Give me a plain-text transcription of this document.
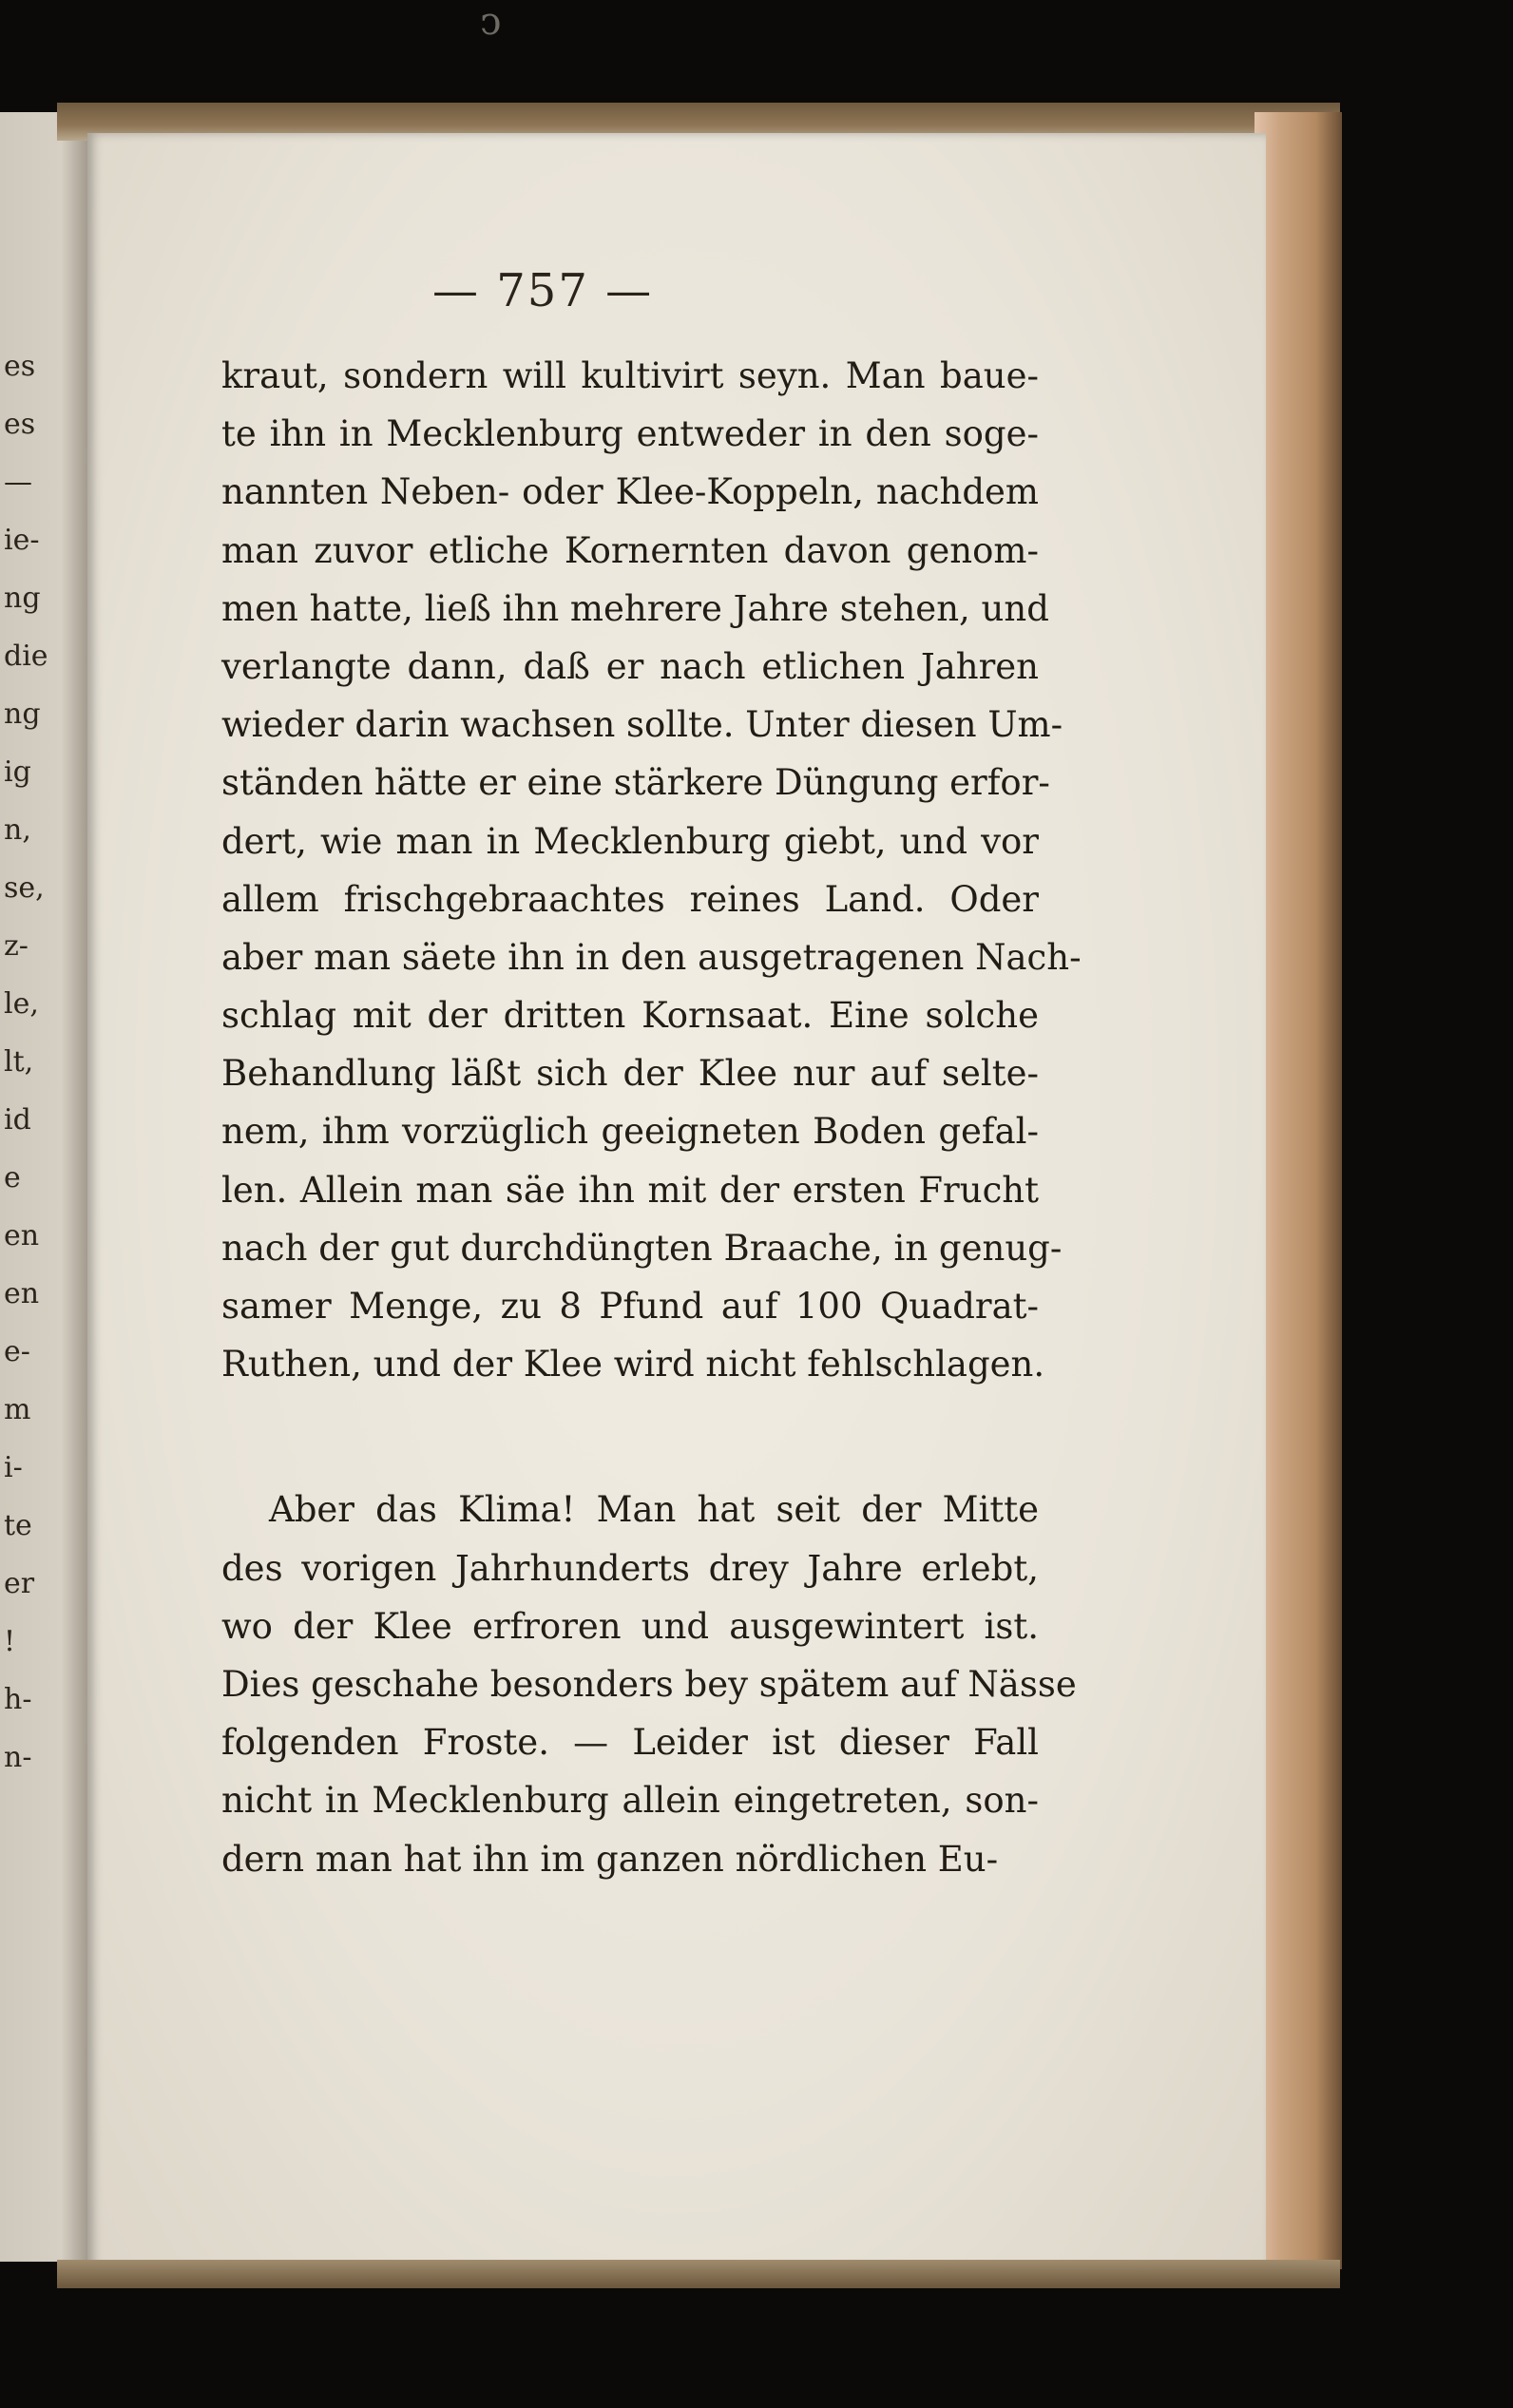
ↄ
es
es
—
ie-
ng
die
ng
ig
n,
se,
z-
le,
lt,
id
e
en
en
e-
m
i-
te
er
!
h-
n-
— 757 —
kraut, sondern will kultivirt seyn. Man baue-
te ihn in Mecklenburg entweder in den soge-
nannten Neben- oder Klee-Koppeln, nachdem
man zuvor etliche Kornernten davon genom-
men hatte, ließ ihn mehrere Jahre stehen, und
verlangte dann, daß er nach etlichen Jahren
wieder darin wachsen sollte. Unter diesen Um-
ständen hätte er eine stärkere Düngung erfor-
dert, wie man in Mecklenburg giebt, und vor
allem frischgebraachtes reines Land. Oder
aber man säete ihn in den ausgetragenen Nach-
schlag mit der dritten Kornsaat. Eine solche
Behandlung läßt sich der Klee nur auf selte-
nem, ihm vorzüglich geeigneten Boden gefal-
len. Allein man säe ihn mit der ersten Frucht
nach der gut durchdüngten Braache, in genug-
samer Menge, zu 8 Pfund auf 100 Quadrat-
Ruthen, und der Klee wird nicht fehlschlagen.
Aber das Klima! Man hat seit der Mitte
des vorigen Jahrhunderts drey Jahre erlebt,
wo der Klee erfroren und ausgewintert ist.
Dies geschahe besonders bey spätem auf Nässe
folgenden Froste. — Leider ist dieser Fall
nicht in Mecklenburg allein eingetreten, son-
dern man hat ihn im ganzen nördlichen Eu-
